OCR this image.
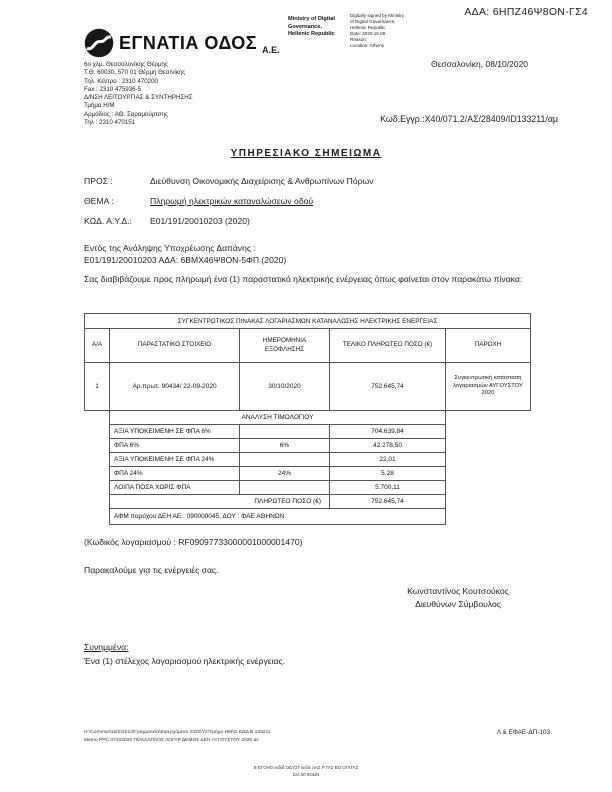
ΑΔΑ: 6ΗΠΖ46Ψ8ΟΝ-ΓΣ4
ΕΓΝΑΤΙΑ ΟΔΟΣ Α.Ε.
Ministry of Digital
Governance,
Hellenic Republic
Digitally signed by Ministry
of Digital Governance,
Hellenic Republic
Date: 2020.10.08
Reason:
Location: Athens
Θεσσαλονίκη, 08/10/2020
6ο χλμ. Θεσσαλονίκης Θέρμης
Τ.Θ. 60030, 570 01 Θέρμη Θεσ/νίκης
Τηλ. Κέντρο : 2310 470200
Fax : 2310 475936-5
Δ/ΝΣΗ ΛΕΙΤΟΥΡΓΙΑΣ & ΣΥΝΤΗΡΗΣΗΣ
Τμήμα Η/Μ
Αρμόδιος : ΑΘ. Σαραμούρτσης
Τηλ : 2310 470151	Κωδ.Εγγρ.:Χ40/071.2/ΑΣ/28409/ID133211/αμ
ΥΠΗΡΕΣΙΑΚΟ ΣΗΜΕΙΩΜΑ
ΠΡΟΣ :	Διεύθυνση Οικονομικής Διαχείρισης & Ανθρωπίνων Πόρων
ΘΕΜΑ :	Πληρωμή ηλεκτρικών καταναλώσεων οδού
ΚΩΔ. Α.Υ.Δ.:	Ε01/191/20010203 (2020)
Εντός της Ανάληψης Υποχρέωσης Δαπάνης :
Ε01/191/20010203 ΑΔΑ: 6ΒΜΧ46Ψ8ΟΝ-5ΦΠ (2020)
Σας διαβιβάζουμε προς πληρωμή ένα (1) παραστατικό ηλεκτρικής ενέργειας όπως φαίνεται στον παρακάτω πίνακα:
ΣΥΓΚΕΝΤΡΩΤΙΚΟΣ ΠΙΝΑΚΑΣ ΛΟΓΑΡΙΑΣΜΩΝ ΚΑΤΑΝΑΛΩΣΗΣ ΗΛΕΚΤΡΙΚΗΣ ΕΝΕΡΓΕΙΑΣ				
Α/Α	ΠΑΡΑΣΤΑΤΙΚΟ ΣΤΟΙΧΕΙΟ	ΗΜΕΡΟΜΗΝΙΑ ΕΞΟΦΛΗΣΗΣ	ΤΕΛΙΚΟ ΠΛΗΡΩΤΕΟ ΠΟΣΟ (€)	ΠΑΡΟΧΗ
1	Αρ.πρωτ. 90434/ 22-09-2020	30/10/2020	752.645,74	Συγκεντρωτική κατάσταση λογαριασμών ΑΥΓΟΥΣΤΟΥ 2020
	ΑΝΑΛΥΣΗ ΤΙΜΟΛΟΓΙΟΥ			
	ΑΞΙΑ ΥΠΟΚΕΙΜΕΝΗ ΣΕ ΦΠΑ 6%		704.639,84	
	ΦΠΑ 6%	6%	42.278,50	
	ΑΞΙΑ ΥΠΟΚΕΙΜΕΝΗ ΣΕ ΦΠΑ 24%		22,01	
	ΦΠΑ 24%	24%	5,28	
	ΛΟΙΠΑ ΠΟΣΑ ΧΩΡΙΣ ΦΠΑ		5.700,11	
	ΠΛΗΡΩΤΕΟ ΠΟΣΟ (€)		752.645,74	
	ΑΦΜ παρόχου ΔΕΗ ΑΕ : 090000045, ΔΟΥ : ΦΑΕ ΑΘΗΝΩΝ			
(Κωδικός λογαριασμού : RF09097733000001000001470)
Παρακαλούμε για τις ενέργειές σας.
Κωνσταντίνος Κουτσούκος
Διευθύνων Σύμβουλος
Συνημμένα:
Ένα (1) στέλεχος λογαριασμού ηλεκτρικής ενέργειας.
H:\Common\LES\2013\Γραμματεία\Εισερχόμενα 2020\ΥΣ\Τμήμα ΗΜ\Ο ΚΩΔ Β 133211
Memo PPC 07102020 ΠΟΛΛΑΠΛΟΣ ΛΟΓΑΡ ΔΕΜΟΣ ΔΕΗ ΑΥΓΟΥΣΤΟΥ 2020 αε
Λ & ΕΦΑΕ-ΔΠ-103
Β ΕΓΟΗΟ εκδίδ ΟΕΥΣΓ κεδιλ ΛΑΣ Ρ ΓΑΣ ΒΟ ΟΓΑΓΑΣ
Σελ 50 9ΟΩΝ
